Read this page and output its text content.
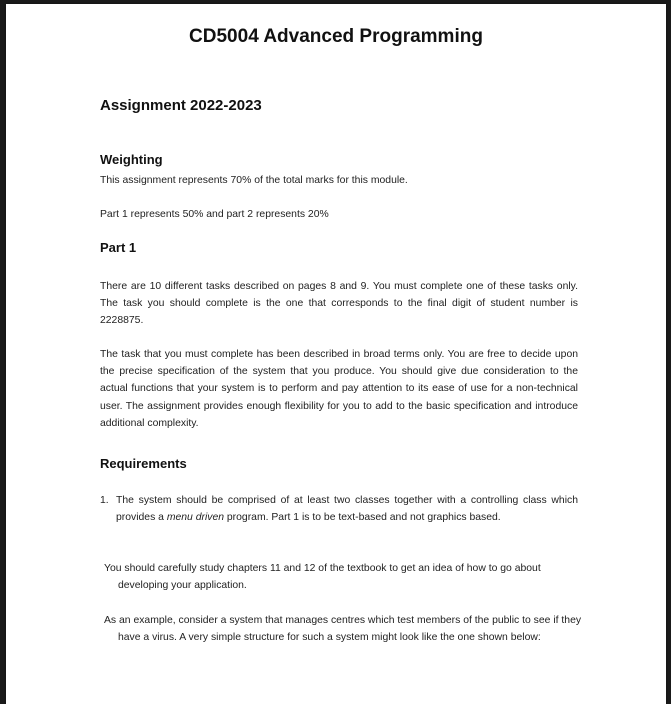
CD5004 Advanced Programming
Assignment 2022-2023
Weighting

This assignment represents 70% of the total marks for this module.

Part 1 represents 50% and part 2 represents 20%

Part 1

There are 10 different tasks described on pages 8 and 9. You must complete one of these tasks only. The task you should complete is the one that corresponds to the final digit of student number is 2228875.

The task that you must complete has been described in broad terms only. You are free to decide upon the precise specification of the system that you produce. You should give due consideration to the actual functions that your system is to perform and pay attention to its ease of use for a non-technical user. The assignment provides enough flexibility for you to add to the basic specification and introduce additional complexity.

Requirements
1. The system should be comprised of at least two classes together with a controlling class which provides a menu driven program. Part 1 is to be text-based and not graphics based.

You should carefully study chapters 11 and 12 of the textbook to get an idea of how to go about developing your application.

As an example, consider a system that manages centres which test members of the public to see if they have a virus. A very simple structure for such a system might look like the one shown below:
